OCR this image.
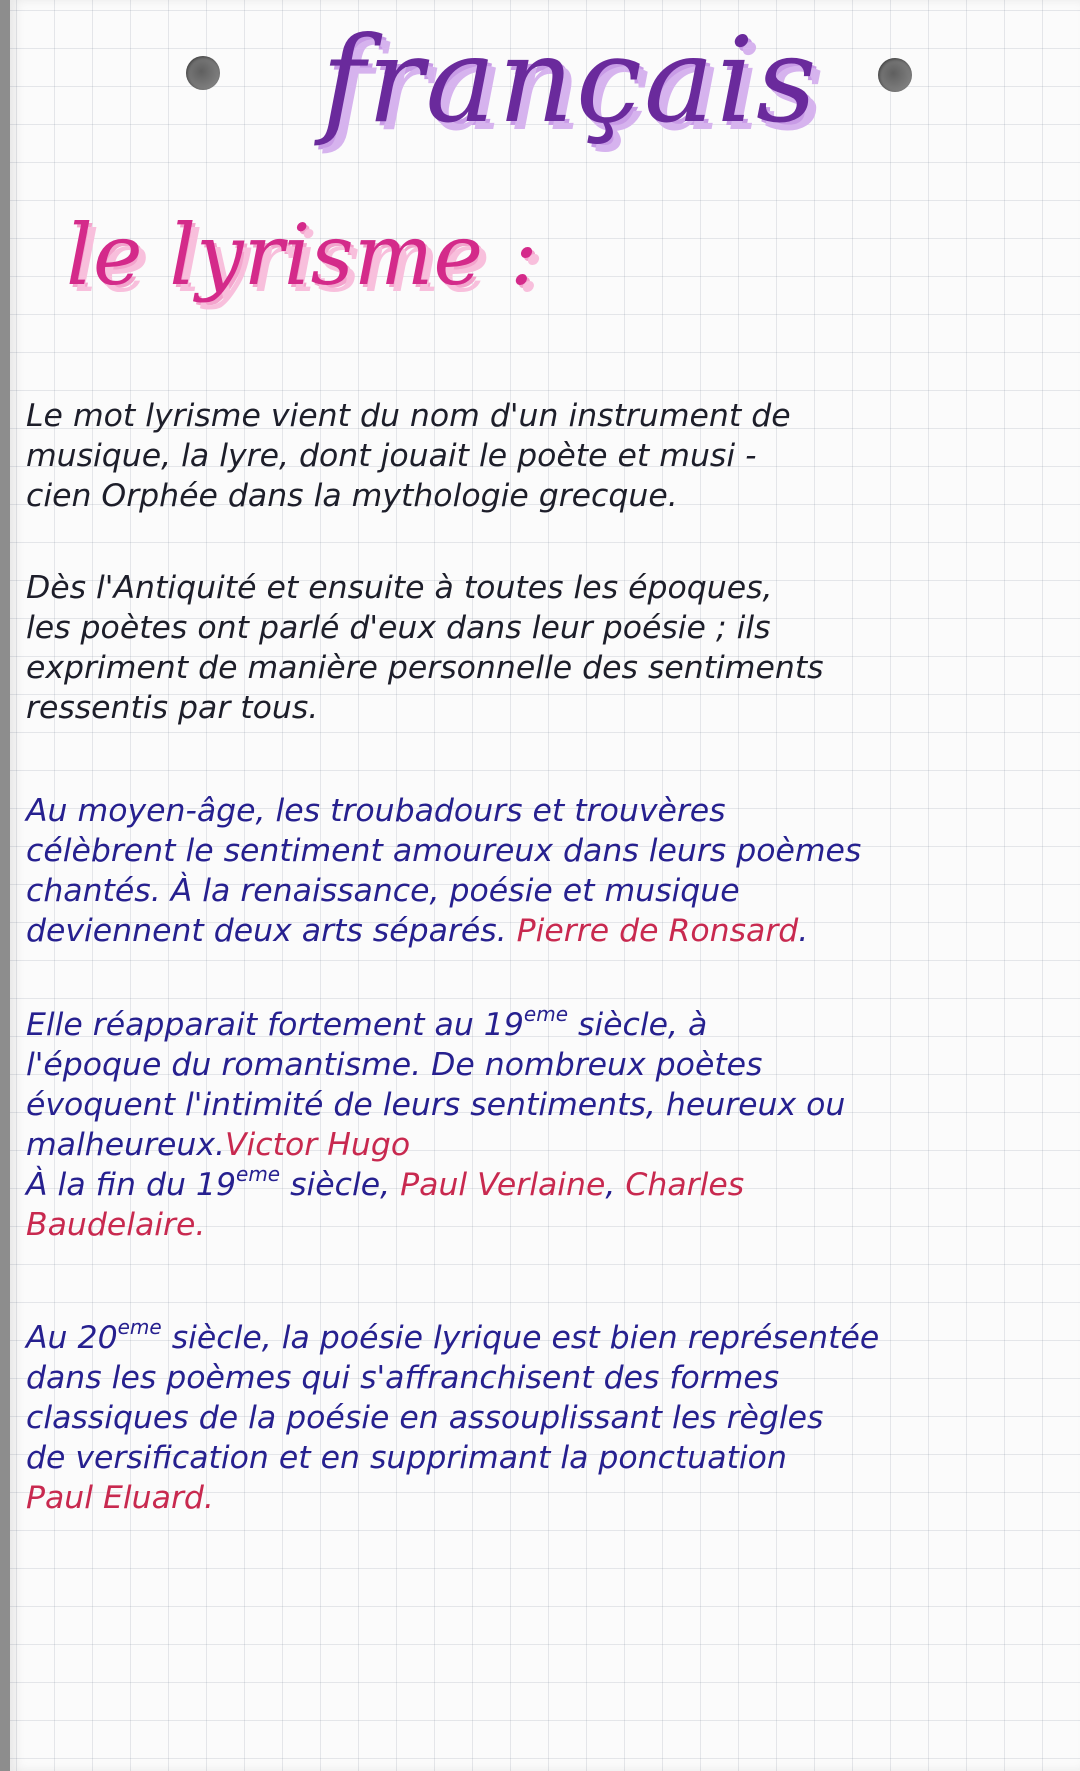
français
le lyrisme :
Le mot lyrisme vient du nom d'un instrument de
musique, la lyre, dont jouait le poète et musi -
cien Orphée dans la mythologie grecque.
Dès l'Antiquité et ensuite à toutes les époques,
les poètes ont parlé d'eux dans leur poésie ; ils
expriment de manière personnelle des sentiments
ressentis par tous.
Au moyen-âge, les troubadours et trouvères
célèbrent le sentiment amoureux dans leurs poèmes
chantés. À la renaissance, poésie et musique
deviennent deux arts séparés. Pierre de Ronsard.
Elle réapparait fortement au 19eme siècle, à
l'époque du romantisme. De nombreux poètes
évoquent l'intimité de leurs sentiments, heureux ou
malheureux.Victor Hugo
À la fin du 19eme siècle, Paul Verlaine, Charles
Baudelaire.
Au 20eme siècle, la poésie lyrique est bien représentée
dans les poèmes qui s'affranchisent des formes
classiques de la poésie en assouplissant les règles
de versification et en supprimant la ponctuation
Paul Eluard.
